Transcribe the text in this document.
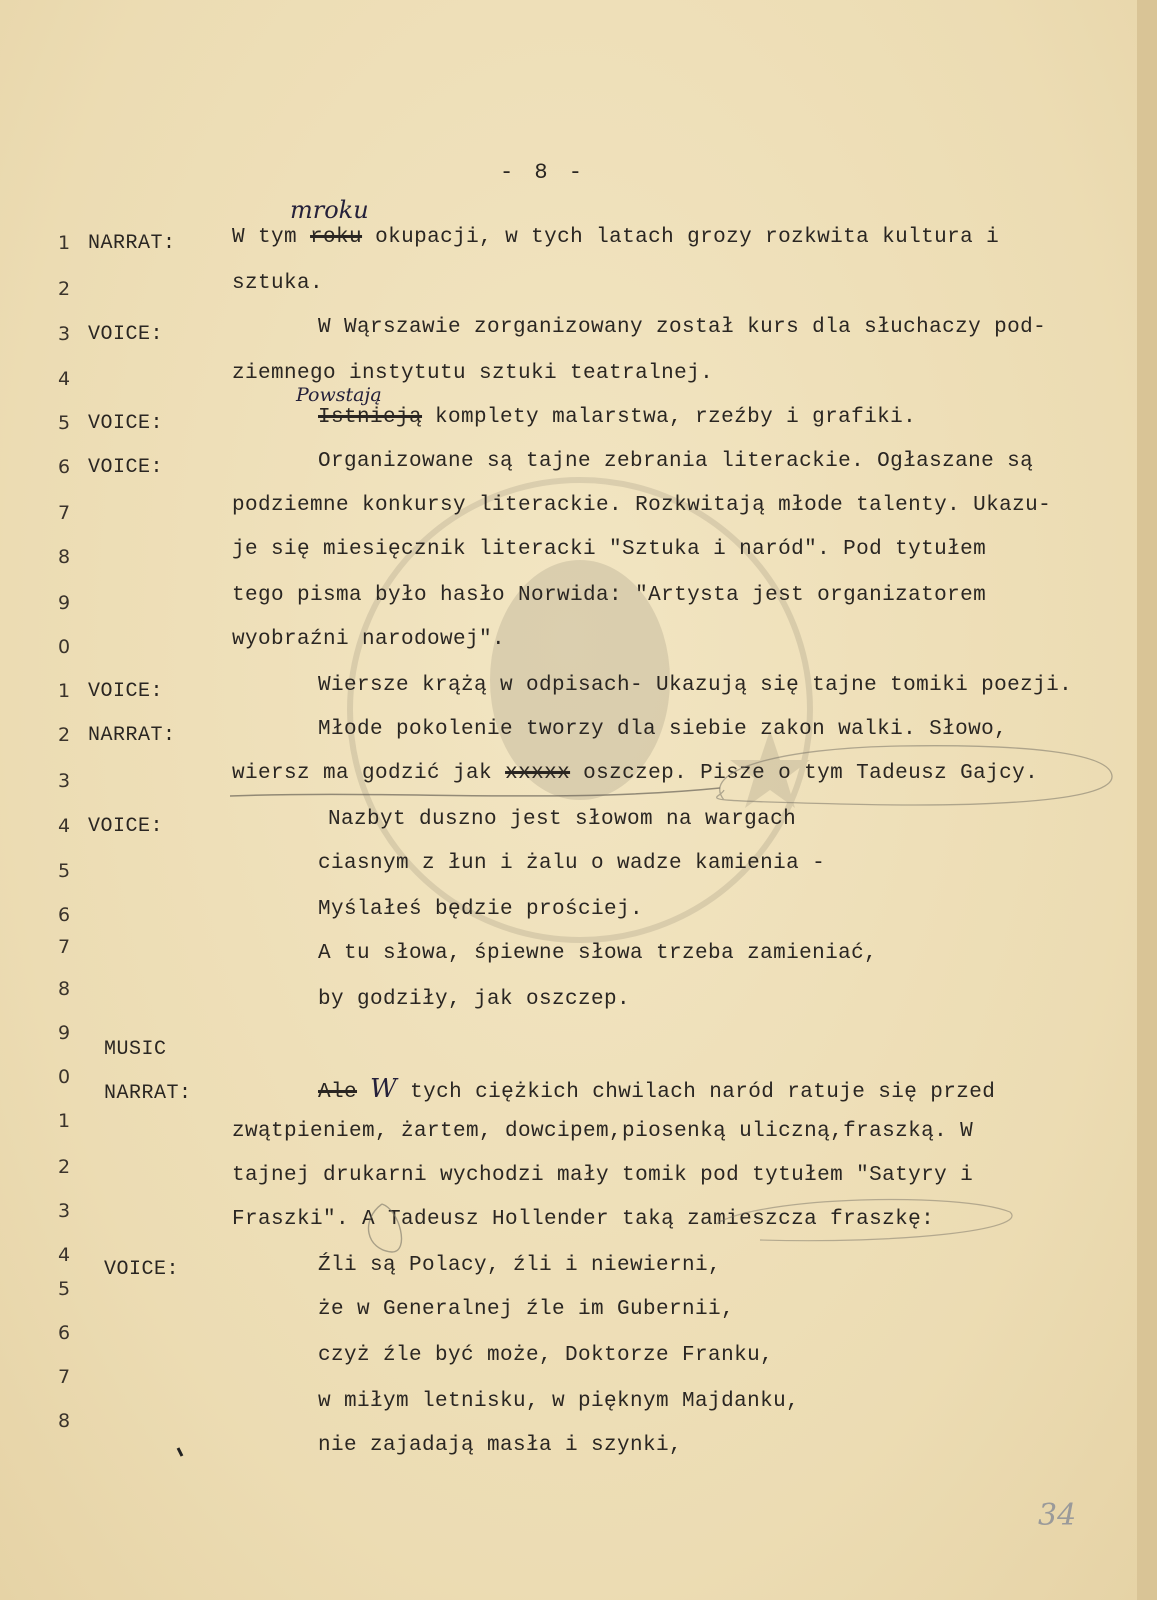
- 8 -
mroku
Powstają
34
1
2
3
4
5
6
7
8
9
0
1
2
3
4
5
6
7
8
9
0
1
2
3
4
5
6
7
8
NARRAT:
VOICE:
VOICE:
VOICE:
VOICE:
NARRAT:
VOICE:
MUSIC
NARRAT:
VOICE:
W tym roku okupacji, w tych latach grozy rozkwita kultura i
sztuka.
W Wąrszawie zorganizowany został kurs dla słuchaczy pod-
ziemnego instytutu sztuki teatralnej.
Istnieją komplety malarstwa, rzeźby i grafiki.
Organizowane są tajne zebrania literackie. Ogłaszane są
podziemne konkursy literackie. Rozkwitają młode talenty. Ukazu-
je się miesięcznik literacki "Sztuka i naród". Pod tytułem
tego pisma było hasło Norwida: "Artysta jest organizatorem
wyobraźni narodowej".
Wiersze krążą w odpisach- Ukazują się tajne tomiki poezji.
Młode pokolenie tworzy dla siebie zakon walki. Słowo,
wiersz ma godzić jak xxxxx oszczep. Pisze o tym Tadeusz Gajcy.
Nazbyt duszno jest słowom na wargach
ciasnym z łun i żalu o wadze kamienia -
Myślałeś będzie prościej.
A tu słowa, śpiewne słowa trzeba zamieniać,
by godziły, jak oszczep.
Ale W tych ciężkich chwilach naród ratuje się przed
zwątpieniem, żartem, dowcipem,piosenką uliczną,fraszką. W
tajnej drukarni wychodzi mały tomik pod tytułem "Satyry i
Fraszki". A Tadeusz Hollender taką zamieszcza fraszkę:
Źli są Polacy, źli i niewierni,
że w Generalnej źle im Gubernii,
czyż źle być może, Doktorze Franku,
w miłym letnisku, w pięknym Majdanku,
nie zajadają masła i szynki,
